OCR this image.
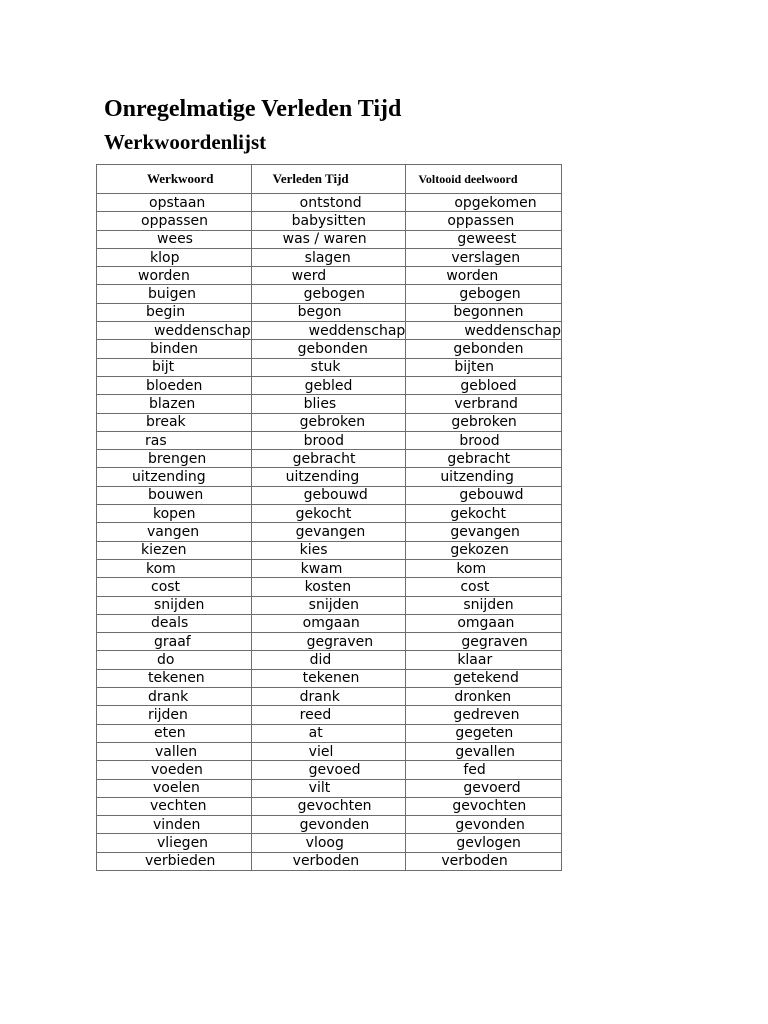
Onregelmatige Verleden Tijd
Werkwoordenlijst
Werkwoord	Verleden Tijd	Voltooid deelwoord
opstaan	ontstond	opgekomen
oppassen	babysitten	oppassen
wees	was / waren	geweest
klop	slagen	verslagen
worden	werd	worden
buigen	gebogen	gebogen
begin	begon	begonnen
weddenschap	weddenschap	weddenschap
binden	gebonden	gebonden
bijt	stuk	bijten
bloeden	gebled	gebloed
blazen	blies	verbrand
break	gebroken	gebroken
ras	brood	brood
brengen	gebracht	gebracht
uitzending	uitzending	uitzending
bouwen	gebouwd	gebouwd
kopen	gekocht	gekocht
vangen	gevangen	gevangen
kiezen	kies	gekozen
kom	kwam	kom
cost	kosten	cost
snijden	snijden	snijden
deals	omgaan	omgaan
graaf	gegraven	gegraven
do	did	klaar
tekenen	tekenen	getekend
drank	drank	dronken
rijden	reed	gedreven
eten	at	gegeten
vallen	viel	gevallen
voeden	gevoed	fed
voelen	vilt	gevoerd
vechten	gevochten	gevochten
vinden	gevonden	gevonden
vliegen	vloog	gevlogen
verbieden	verboden	verboden
